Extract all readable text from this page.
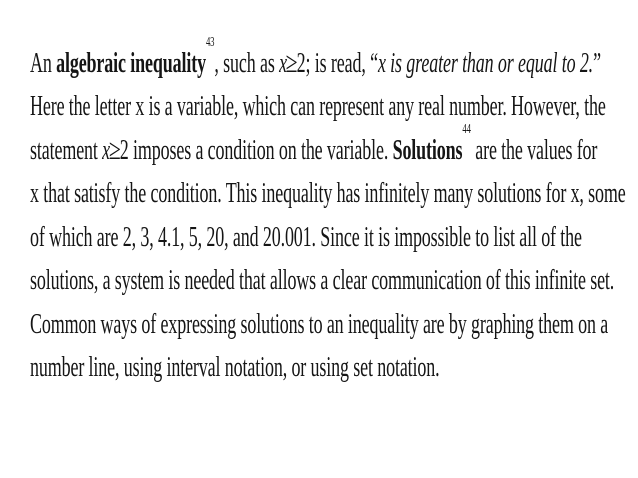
An algebraic inequality$^{43}$, such as x≥2; is read, “x is greater than or equal to 2.”
Here the letter x is a variable, which can represent any real number. However, the
statement x≥2 imposes a condition on the variable. Solutions$^{44}$ are the values for
x that satisfy the condition. This inequality has infinitely many solutions for x, some
of which are 2, 3, 4.1, 5, 20, and 20.001. Since it is impossible to list all of the
solutions, a system is needed that allows a clear communication of this infinite set.
Common ways of expressing solutions to an inequality are by graphing them on a
number line, using interval notation, or using set notation.
